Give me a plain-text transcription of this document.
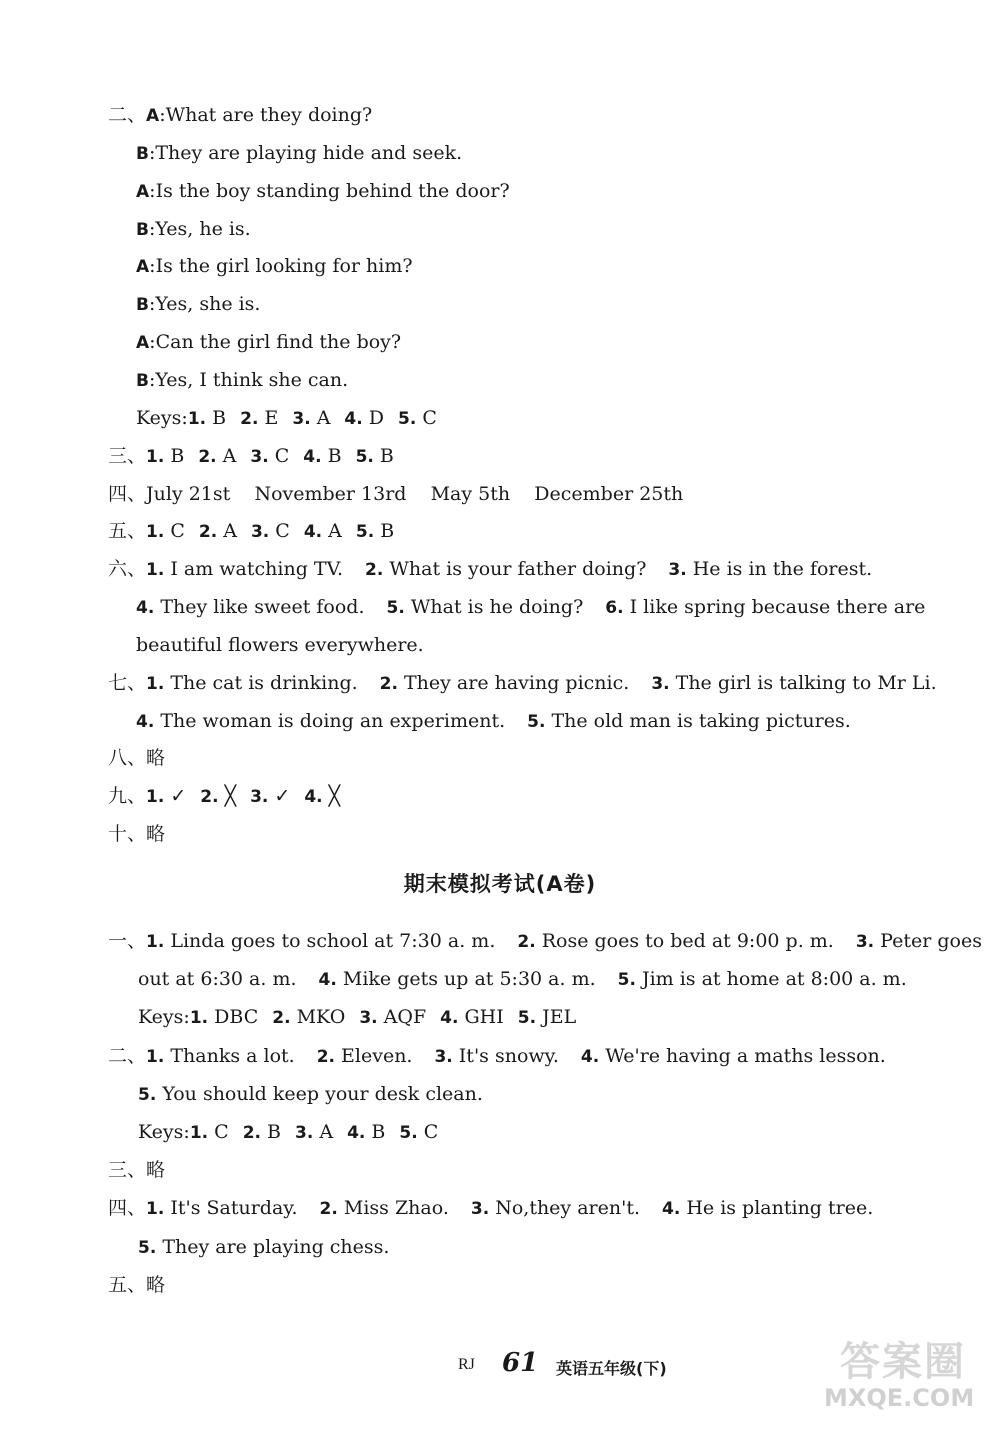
二、A:What are they doing?
B:They are playing hide and seek.
A:Is the boy standing behind the door?
B:Yes, he is.
A:Is the girl looking for him?
B:Yes, she is.
A:Can the girl find the boy?
B:Yes, I think she can.
Keys:1. B 2. E 3. A 4. D 5. C
三、1. B 2. A 3. C 4. B 5. B
四、July 21st    November 13rd    May 5th    December 25th
五、1. C 2. A 3. C 4. A 5. B
六、1. I am watching TV. 2. What is your father doing? 3. He is in the forest.
4. They like sweet food. 5. What is he doing? 6. I like spring because there are
beautiful flowers everywhere.
七、1. The cat is drinking. 2. They are having picnic. 3. The girl is talking to Mr Li.
4. The woman is doing an experiment. 5. The old man is taking pictures.
八、略
九、1. ✓ 2. ╳ 3. ✓ 4. ╳
十、略
一、1. Linda goes to school at 7:30 a. m. 2. Rose goes to bed at 9:00 p. m. 3. Peter goes
out at 6:30 a. m. 4. Mike gets up at 5:30 a. m. 5. Jim is at home at 8:00 a. m.
Keys:1. DBC 2. MKO 3. AQF 4. GHI 5. JEL
二、1. Thanks a lot. 2. Eleven. 3. It's snowy. 4. We're having a maths lesson.
5. You should keep your desk clean.
Keys:1. C 2. B 3. A 4. B 5. C
三、略
四、1. It's Saturday. 2. Miss Zhao. 3. No,they aren't. 4. He is planting tree.
5. They are playing chess.
五、略
期末模拟考试(A卷)
RJ 61 英语五年级(下)	答案圈
MXQE.COM
